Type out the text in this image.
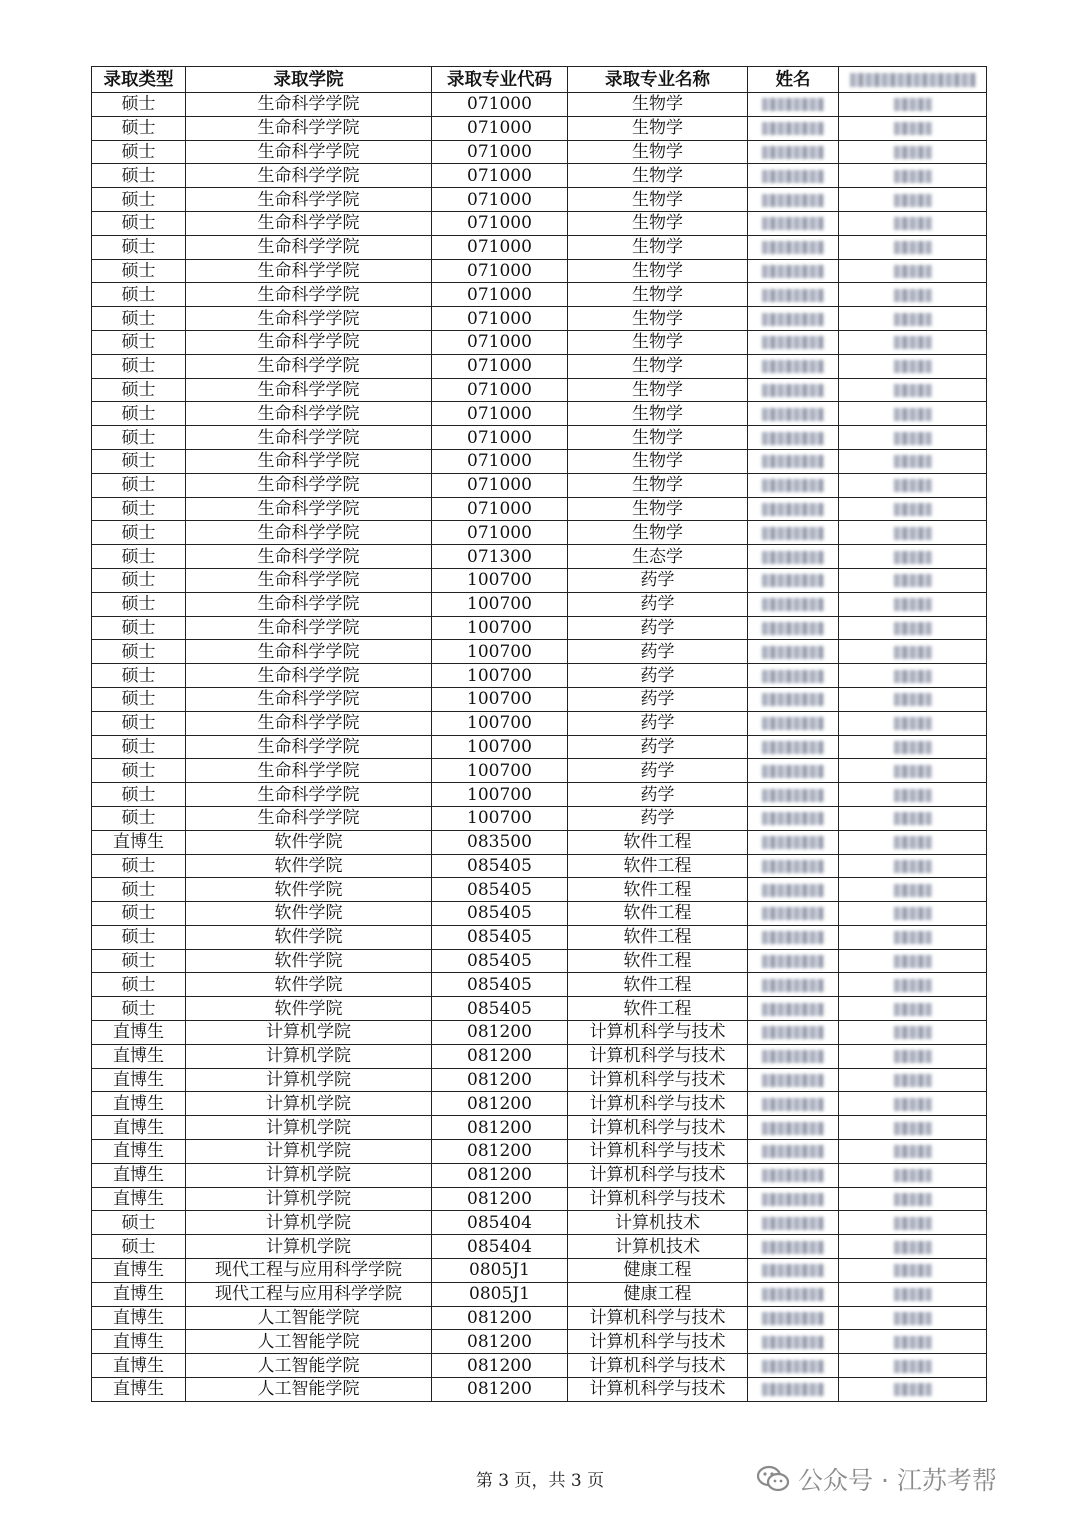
录取类型	录取学院	录取专业代码	录取专业名称	姓名	
硕士	生命科学学院	071000	生物学		
硕士	生命科学学院	071000	生物学		
硕士	生命科学学院	071000	生物学		
硕士	生命科学学院	071000	生物学		
硕士	生命科学学院	071000	生物学		
硕士	生命科学学院	071000	生物学		
硕士	生命科学学院	071000	生物学		
硕士	生命科学学院	071000	生物学		
硕士	生命科学学院	071000	生物学		
硕士	生命科学学院	071000	生物学		
硕士	生命科学学院	071000	生物学		
硕士	生命科学学院	071000	生物学		
硕士	生命科学学院	071000	生物学		
硕士	生命科学学院	071000	生物学		
硕士	生命科学学院	071000	生物学		
硕士	生命科学学院	071000	生物学		
硕士	生命科学学院	071000	生物学		
硕士	生命科学学院	071000	生物学		
硕士	生命科学学院	071000	生物学		
硕士	生命科学学院	071300	生态学		
硕士	生命科学学院	100700	药学		
硕士	生命科学学院	100700	药学		
硕士	生命科学学院	100700	药学		
硕士	生命科学学院	100700	药学		
硕士	生命科学学院	100700	药学		
硕士	生命科学学院	100700	药学		
硕士	生命科学学院	100700	药学		
硕士	生命科学学院	100700	药学		
硕士	生命科学学院	100700	药学		
硕士	生命科学学院	100700	药学		
硕士	生命科学学院	100700	药学		
直博生	软件学院	083500	软件工程		
硕士	软件学院	085405	软件工程		
硕士	软件学院	085405	软件工程		
硕士	软件学院	085405	软件工程		
硕士	软件学院	085405	软件工程		
硕士	软件学院	085405	软件工程		
硕士	软件学院	085405	软件工程		
硕士	软件学院	085405	软件工程		
直博生	计算机学院	081200	计算机科学与技术		
直博生	计算机学院	081200	计算机科学与技术		
直博生	计算机学院	081200	计算机科学与技术		
直博生	计算机学院	081200	计算机科学与技术		
直博生	计算机学院	081200	计算机科学与技术		
直博生	计算机学院	081200	计算机科学与技术		
直博生	计算机学院	081200	计算机科学与技术		
直博生	计算机学院	081200	计算机科学与技术		
硕士	计算机学院	085404	计算机技术		
硕士	计算机学院	085404	计算机技术		
直博生	现代工程与应用科学学院	0805J1	健康工程		
直博生	现代工程与应用科学学院	0805J1	健康工程		
直博生	人工智能学院	081200	计算机科学与技术		
直博生	人工智能学院	081200	计算机科学与技术		
直博生	人工智能学院	081200	计算机科学与技术		
直博生	人工智能学院	081200	计算机科学与技术		
第 3 页，共 3 页	公众号 · 江苏考帮
